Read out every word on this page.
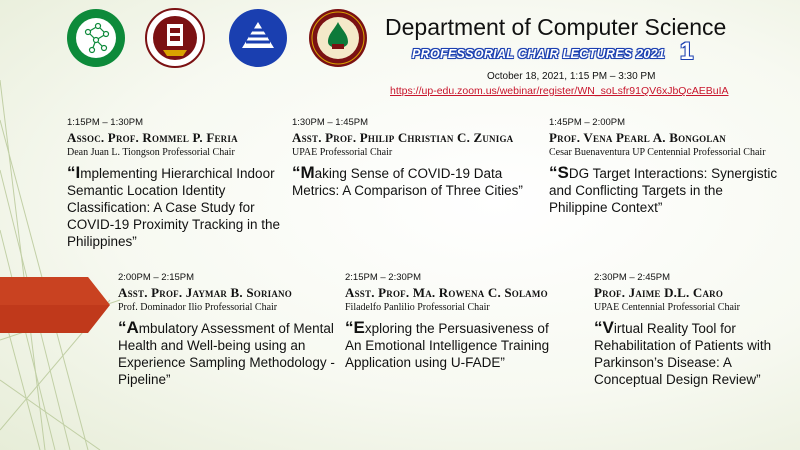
Department of Computer Science
PROFESSORIAL CHAIR LECTURES 2021 1
October 18, 2021, 1:15 PM – 3:30 PM
https://up-edu.zoom.us/webinar/register/WN_soLsfr91QV6xJbQcAEBuIA
1:15PM – 1:30PM
Assoc. Prof. Rommel P. Feria
Dean Juan L. Tiongson Professorial Chair
“Implementing Hierarchical Indoor Semantic Location Identity Classification: A Case Study for COVID-19 Proximity Tracking in the Philippines”
1:30PM – 1:45PM
Asst. Prof. Philip Christian C. Zuniga
UPAE Professorial Chair
“Making Sense of COVID-19 Data Metrics: A Comparison of Three Cities”
1:45PM – 2:00PM
Prof. Vena Pearl A. Bongolan
Cesar Buenaventura UP Centennial Professorial Chair
“SDG Target Interactions: Synergistic and Conflicting Targets in the Philippine Context”
2:00PM – 2:15PM
Asst. Prof. Jaymar B. Soriano
Prof. Dominador Ilio Professorial Chair
“Ambulatory Assessment of Mental Health and Well-being using an Experience Sampling Methodology - Pipeline”
2:15PM – 2:30PM
Asst. Prof. Ma. Rowena C. Solamo
Filadelfo Panlilio Professorial Chair
“Exploring the Persuasiveness of An Emotional Intelligence Training Application using U-FADE”
2:30PM – 2:45PM
Prof. Jaime D.L. Caro
UPAE Centennial Professorial Chair
“Virtual Reality Tool for Rehabilitation of Patients with Parkinson’s Disease: A Conceptual Design Review”
